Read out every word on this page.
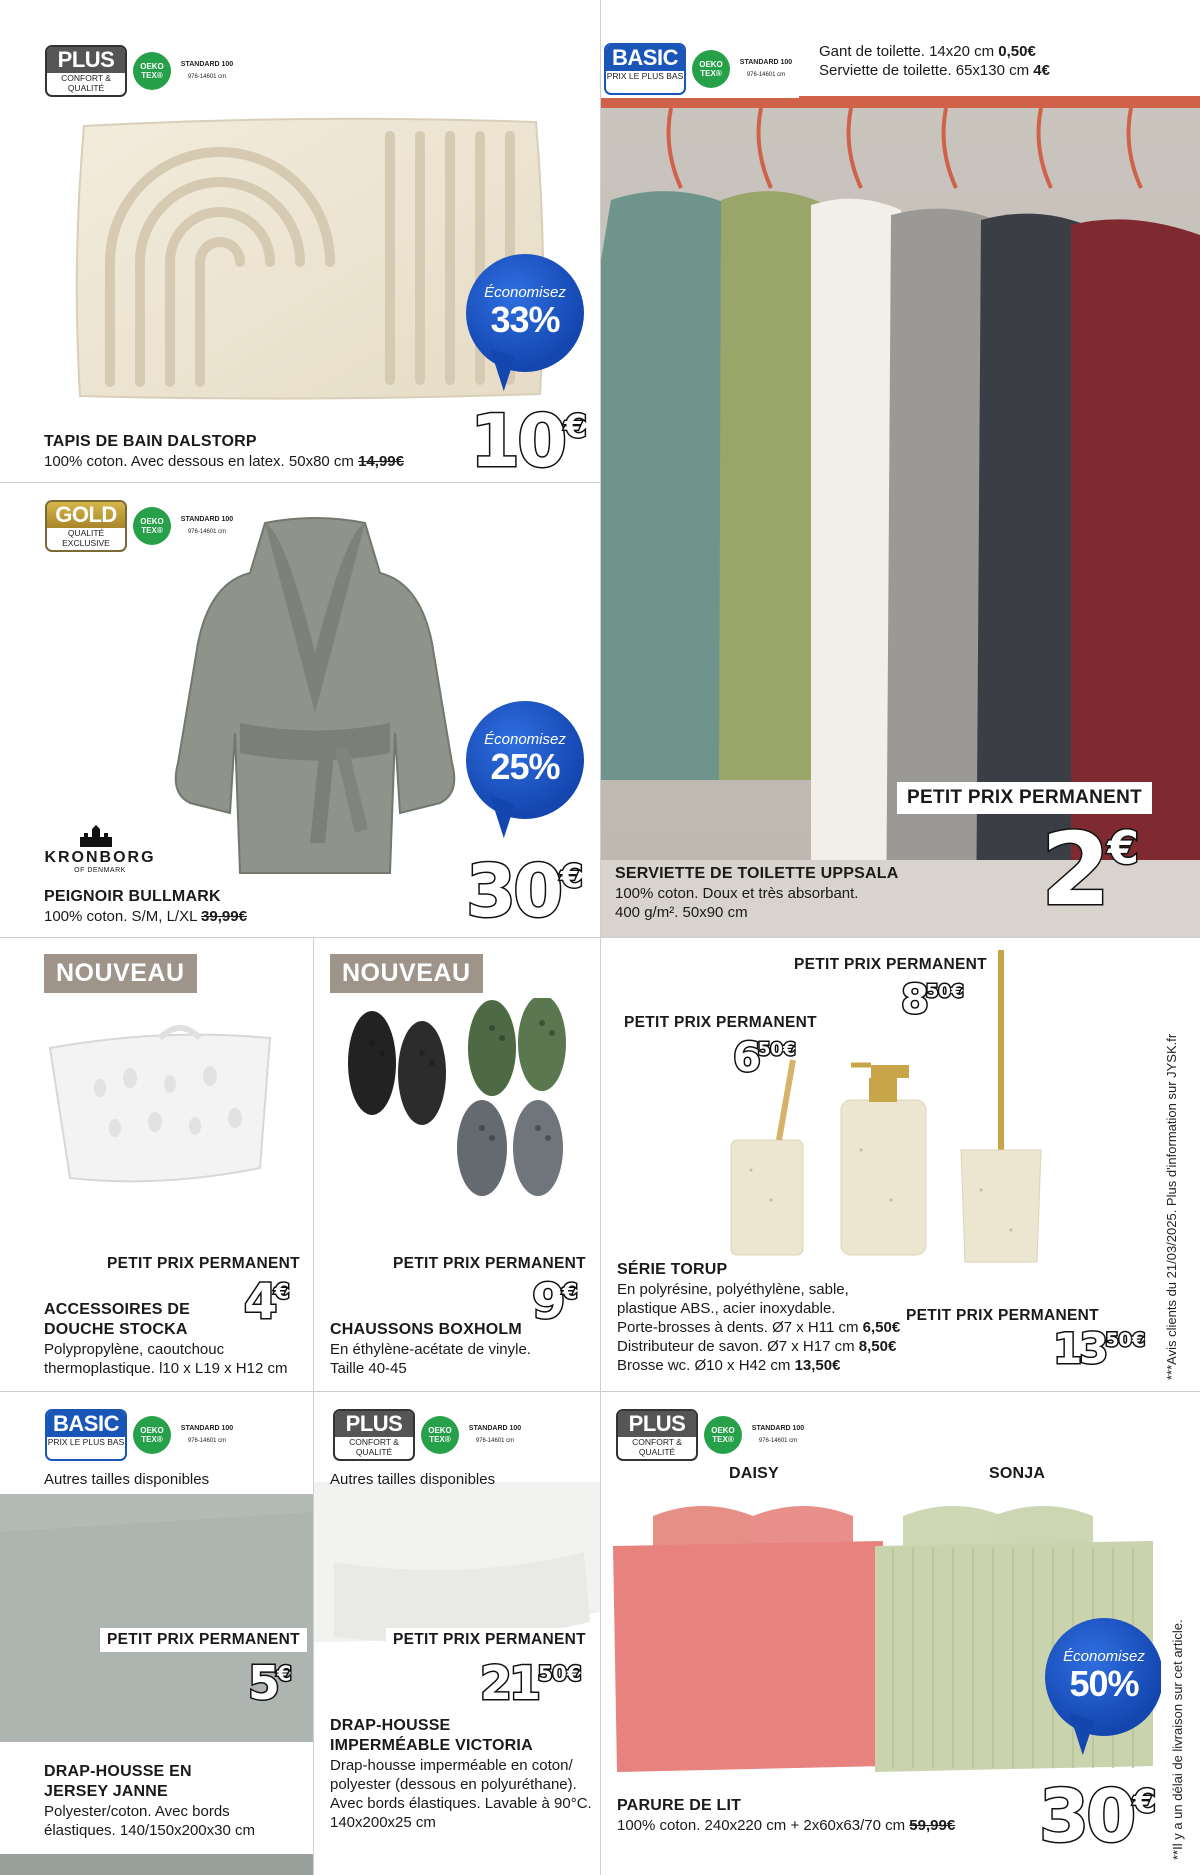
PLUS
CONFORT & QUALITÉ
OEKO TEX®
STANDARD 100
976-14601 cm
Économisez
33%
TAPIS DE BAIN DALSTORP
100% coton. Avec dessous en latex. 50x80 cm 14,99€ 10€
GOLD
QUALITÉ EXCLUSIVE
OEKO TEX®
STANDARD 100
976-14601 cm
KRONBORG
OF DENMARK
Économisez
25%
PEIGNOIR BULLMARK
100% coton. S/M, L/XL 39,99€	30€
BASIC
PRIX LE PLUS BAS
OEKO TEX®
STANDARD 100
976-14601 cm
Gant de toilette. 14x20 cm 0,50€
Serviette de toilette. 65x130 cm 4€
PETIT PRIX PERMANENT
2€
SERVIETTE DE TOILETTE UPPSALA
100% coton. Doux et très absorbant.
400 g/m². 50x90 cm
NOUVEAU
PETIT PRIX PERMANENT
4€
ACCESSOIRES DE
DOUCHE STOCKA
Polypropylène, caoutchouc
thermoplastique. l10 x L19 x H12 cm
NOUVEAU
PETIT PRIX PERMANENT
9€
CHAUSSONS BOXHOLM
En éthylène-acétate de vinyle.
Taille 40-45
PETIT PRIX PERMANENT
$8^{50€}$
PETIT PRIX PERMANENT
$6^{50€}$
PETIT PRIX PERMANENT
$13^{50€}$
SÉRIE TORUP
En polyrésine, polyéthylène, sable,
plastique ABS., acier inoxydable.
Porte-brosses à dents. Ø7 x H11 cm 6,50€
Distributeur de savon. Ø7 x H17 cm 8,50€
Brosse wc. Ø10 x H42 cm 13,50€	***Avis clients du 21/03/2025. Plus d'information sur JYSK.fr
**Il y a un délai de livraison sur cet article.
BASIC
PRIX LE PLUS BAS
OEKO TEX®
STANDARD 100
976-14601 cm
Autres tailles disponibles
PETIT PRIX PERMANENT
5€
DRAP-HOUSSE EN
JERSEY JANNE
Polyester/coton. Avec bords
élastiques. 140/150x200x30 cm
PLUS
CONFORT & QUALITÉ
OEKO TEX®
STANDARD 100
976-14601 cm
Autres tailles disponibles
PETIT PRIX PERMANENT
$21^{50€}$
DRAP-HOUSSE
IMPERMÉABLE VICTORIA
Drap-housse imperméable en coton/
polyester (dessous en polyuréthane).
Avec bords élastiques. Lavable à 90°C.
140x200x25 cm
PLUS
CONFORT & QUALITÉ
OEKO TEX®
STANDARD 100
976-14601 cm
DAISY	SONJA
Économisez
50%
PARURE DE LIT
100% coton. 240x220 cm + 2x60x63/70 cm 59,99€ 30€
